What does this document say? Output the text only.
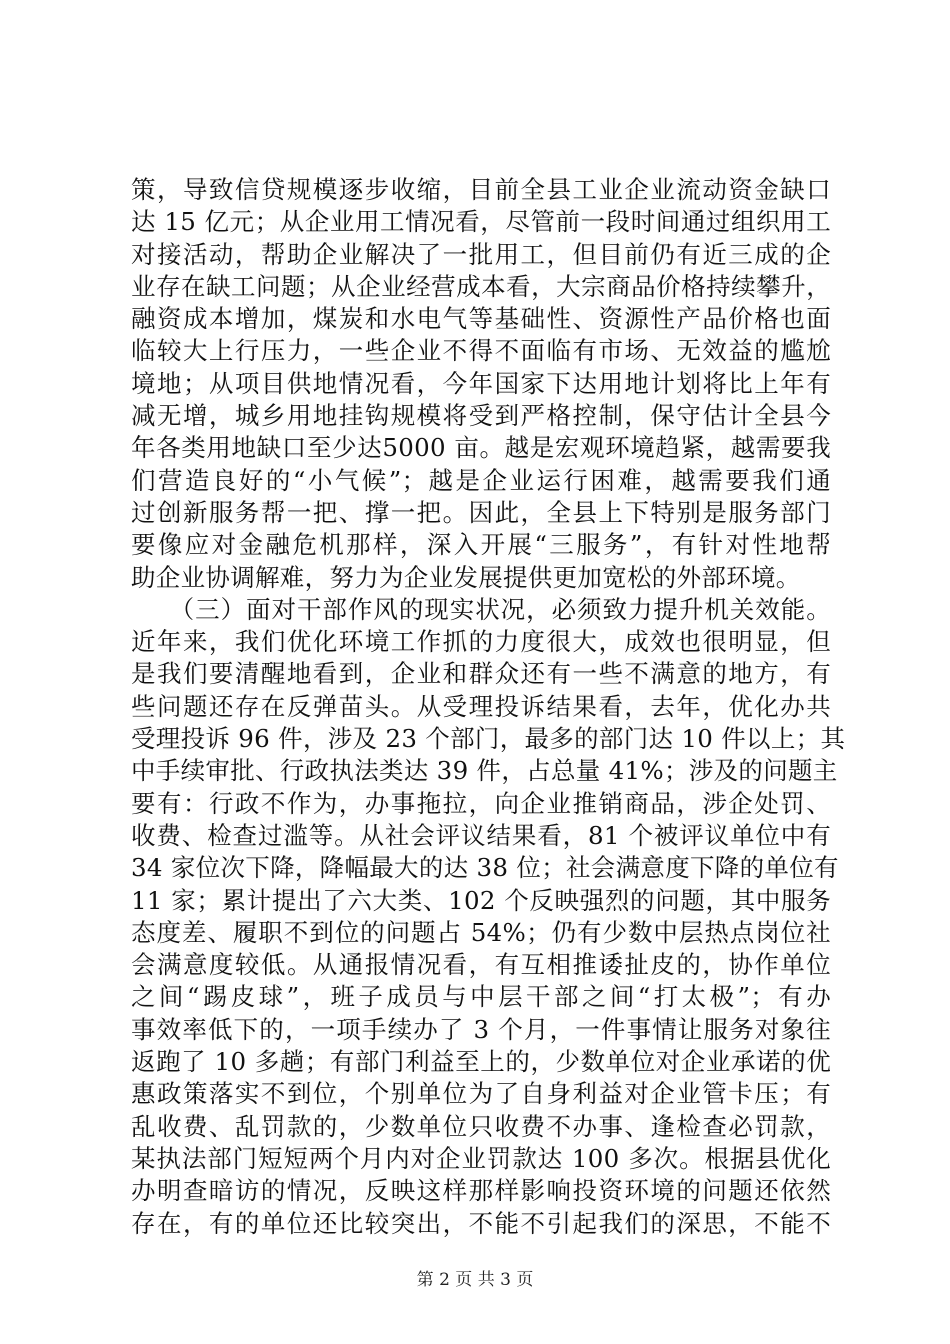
策，导致信贷规模逐步收缩，目前全县工业企业流动资金缺口
达 15 亿元；从企业用工情况看，尽管前一段时间通过组织用工
对接活动，帮助企业解决了一批用工，但目前仍有近三成的企
业存在缺工问题；从企业经营成本看，大宗商品价格持续攀升，
融资成本增加，煤炭和水电气等基础性、资源性产品价格也面
临较大上行压力，一些企业不得不面临有市场、无效益的尴尬
境地；从项目供地情况看，今年国家下达用地计划将比上年有
减无增，城乡用地挂钩规模将受到严格控制，保守估计全县今
年各类用地缺口至少达5000 亩。越是宏观环境趋紧，越需要我
们营造良好的“小气候”；越是企业运行困难，越需要我们通
过创新服务帮一把、撑一把。因此，全县上下特别是服务部门
要像应对金融危机那样，深入开展“三服务”，有针对性地帮
助企业协调解难，努力为企业发展提供更加宽松的外部环境。
　　（三）面对干部作风的现实状况，必须致力提升机关效能。
近年来，我们优化环境工作抓的力度很大，成效也很明显，但
是我们要清醒地看到，企业和群众还有一些不满意的地方，有
些问题还存在反弹苗头。从受理投诉结果看，去年，优化办共
受理投诉 96 件，涉及 23 个部门，最多的部门达 10 件以上；其
中手续审批、行政执法类达 39 件，占总量 41%；涉及的问题主
要有：行政不作为，办事拖拉，向企业推销商品，涉企处罚、
收费、检查过滥等。从社会评议结果看，81 个被评议单位中有
34 家位次下降，降幅最大的达 38 位；社会满意度下降的单位有
11 家；累计提出了六大类、102 个反映强烈的问题，其中服务
态度差、履职不到位的问题占 54%；仍有少数中层热点岗位社
会满意度较低。从通报情况看，有互相推诿扯皮的，协作单位
之间“踢皮球”，班子成员与中层干部之间“打太极”；有办
事效率低下的，一项手续办了 3 个月，一件事情让服务对象往
返跑了 10 多趟；有部门利益至上的，少数单位对企业承诺的优
惠政策落实不到位，个别单位为了自身利益对企业管卡压；有
乱收费、乱罚款的，少数单位只收费不办事、逢检查必罚款，
某执法部门短短两个月内对企业罚款达 100 多次。根据县优化
办明查暗访的情况，反映这样那样影响投资环境的问题还依然
存在，有的单位还比较突出，不能不引起我们的深思，不能不
第 2 页 共 3 页
